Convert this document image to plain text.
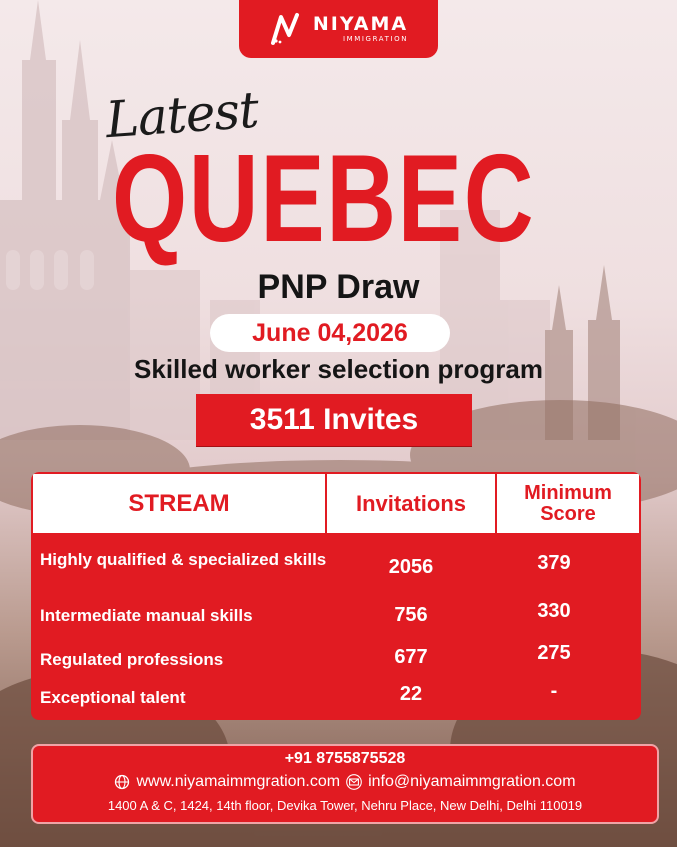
NIYAMA
IMMIGRATION
Latest
QUEBEC
PNP Draw
June 04,2026
Skilled worker selection program
3511 Invites
STREAM	Invitations	Minimum
Score
Highly qualified & specialized skills	2056	379
Intermediate manual skills	756	330
Regulated professions	677	275
Exceptional talent	22	-
+91 8755875528
www.niyamaimmgration.com info@niyamaimmgration.com
1400 A & C, 1424, 14th floor, Devika Tower, Nehru Place, New Delhi, Delhi 110019
